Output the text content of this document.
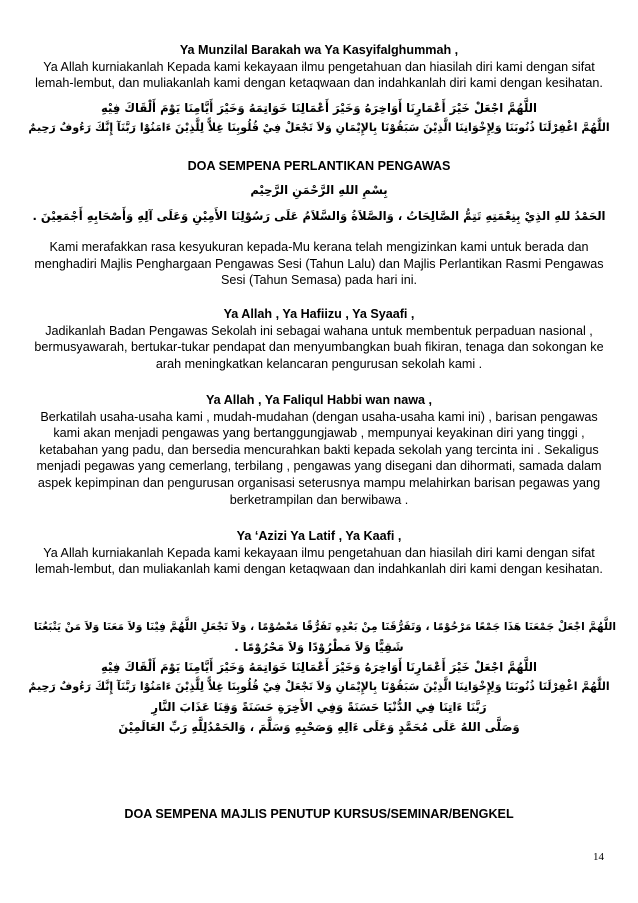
Ya Munzilal Barakah wa Ya Kasyifalghummah ,
Ya Allah kurniakanlah Kepada kami kekayaan ilmu pengetahuan dan hiasilah diri kami dengan sifat
lemah-lembut, dan muliakanlah kami dengan ketaqwaan dan indahkanlah diri kami dengan kesihatan.
اللَّهُمَّ اجْعَلْ خَيْرَ أَعْمَارِنَا أَوَاخِرَهُ وَخَيْرَ أَعْمَالِنَا خَوَاتِمَهُ وَخَيْرَ أَيَّامِنَا يَوْمَ أَلْقَاكَ فِيْهِ
اللَّهُمَّ اغْفِرْلَنَا ذُنُوبَنَا وَلِإِخْوَانِنَا الَّذِيْنَ سَبَقُوْنَا بِالإِيْمَانِ وَلاَ تَجْعَلْ فِيْ قُلُوبِنَا غِلاًّ لِلَّذِيْنَ ءَامَنُوْا رَبَّنَآ إِنَّكَ رَءُوفٌ رَحِيمٌ
DOA SEMPENA PERLANTIKAN PENGAWAS
بِسْمِ اللهِ الرَّحْمَنِ الرَّحِيْم
الحَمْدُ للهِ الذِيْ بِنِعْمَتِهِ تَتِمُّ الصَّالِحَاتُ ، وَالصَّلاَةُ وَالسَّلاَمُ عَلَى رَسُوْلِنَا الأَمِيْنِ وَعَلَى آلِهِ وَأَصْحَابِهِ أَجْمَعِيْنَ .
Kami merafakkan rasa kesyukuran kepada-Mu kerana telah mengizinkan kami untuk berada dan
menghadiri Majlis Penghargaan Pengawas Sesi (Tahun Lalu) dan Majlis Perlantikan Rasmi Pengawas
Sesi (Tahun Semasa) pada hari ini.
Ya Allah , Ya Hafiizu , Ya Syaafi ,
Jadikanlah Badan Pengawas Sekolah ini sebagai wahana untuk membentuk perpaduan nasional ,
bermusyawarah, bertukar-tukar pendapat dan menyumbangkan buah fikiran, tenaga dan sokongan ke
arah meningkatkan kelancaran pengurusan sekolah kami .
Ya Allah , Ya Faliqul Habbi wan nawa ,
Berkatilah usaha-usaha kami , mudah-mudahan (dengan usaha-usaha kami ini) , barisan pengawas
kami akan menjadi pengawas yang bertanggungjawab , mempunyai keyakinan diri yang tinggi ,
ketabahan yang padu, dan bersedia mencurahkan bakti kepada sekolah yang tercinta ini . Sekaligus
menjadi pegawas yang cemerlang, terbilang , pengawas yang disegani dan dihormati, samada dalam
aspek kepimpinan dan pengurusan organisasi seterusnya mampu melahirkan barisan pegawas yang
berketrampilan dan berwibawa .
Ya ‘Azizi Ya Latif , Ya Kaafi ,
Ya Allah kurniakanlah Kepada kami kekayaan ilmu pengetahuan dan hiasilah diri kami dengan sifat
lemah-lembut, dan muliakanlah kami dengan ketaqwaan dan indahkanlah diri kami dengan kesihatan.
اللَّهُمَّ اجْعَلْ جَمْعَنَا هَذَا جَمْعًا مَرْحُوْمًا ، وَتَفَرُّقَنَا مِنْ بَعْدِهِ تَفَرُّقًا مَعْصُوْمًا ، وَلاَ تَجْعَلِ اللَّهُمَّ فِيْنَا وَلاَ مَعَنَا وَلاَ مَنْ يَتْبَعُنَا
شَقِيًّا وَلاَ مَطْرُوْدًا وَلاَ مَحْرُوْمًا .
اللَّهُمَّ اجْعَلْ خَيْرَ أَعْمَارِنَا أَوَاخِرَهُ وَخَيْرَ أَعْمَالِنَا خَوَاتِمَهُ وَخَيْرَ أَيَّامِنَا يَوْمَ أَلْقَاكَ فِيْهِ
اللَّهُمَّ اغْفِرْلَنَا ذُنُوبَنَا وَلِإِخْوَانِنَا الَّذِيْنَ سَبَقُوْنَا بِالإِيْمَانِ وَلاَ تَجْعَلْ فِيْ قُلُوبِنَا غِلاًّ لِلَّذِيْنَ ءَامَنُوْا رَبَّنَآ إِنَّكَ رَءُوفٌ رَحِيمٌ
رَبَّنَا ءَاتِنَا فِي الدُّنْيَا حَسَنَةً وَفِي الأَخِرَةِ حَسَنَةً وَقِنَا عَذَابَ النَّارِ
وَصَلَّى اللهُ عَلَى مُحَمَّدٍ وَعَلَى ءَالِهِ وَصَحْبِهِ وَسَلَّمَ ، وَالحَمْدُلِلَّهِ رَبِّ العَالَمِيْنَ
DOA SEMPENA MAJLIS PENUTUP KURSUS/SEMINAR/BENGKEL
14
